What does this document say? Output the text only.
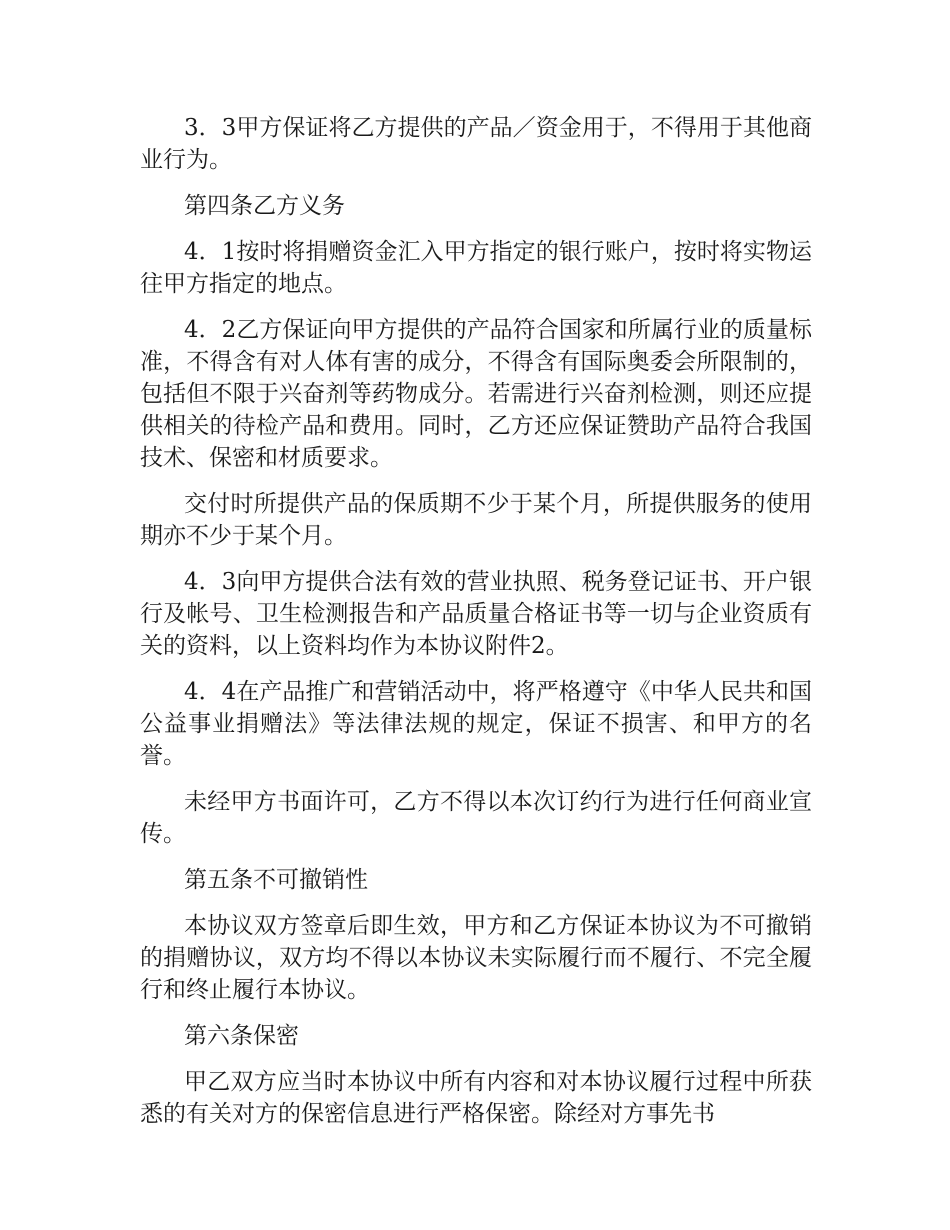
3．3甲方保证将乙方提供的产品／资金用于，不得用于其他商业行为。

第四条乙方义务

4．1按时将捐赠资金汇入甲方指定的银行账户，按时将实物运往甲方指定的地点。

4．2乙方保证向甲方提供的产品符合国家和所属行业的质量标准，不得含有对人体有害的成分，不得含有国际奥委会所限制的，包括但不限于兴奋剂等药物成分。若需进行兴奋剂检测，则还应提供相关的待检产品和费用。同时，乙方还应保证赞助产品符合我国技术、保密和材质要求。

交付时所提供产品的保质期不少于某个月，所提供服务的使用期亦不少于某个月。

4．3向甲方提供合法有效的营业执照、税务登记证书、开户银行及帐号、卫生检测报告和产品质量合格证书等一切与企业资质有关的资料，以上资料均作为本协议附件2。

4．4在产品推广和营销活动中，将严格遵守《中华人民共和国公益事业捐赠法》等法律法规的规定，保证不损害、和甲方的名誉。

未经甲方书面许可，乙方不得以本次订约行为进行任何商业宣传。

第五条不可撤销性

本协议双方签章后即生效，甲方和乙方保证本协议为不可撤销的捐赠协议，双方均不得以本协议未实际履行而不履行、不完全履行和终止履行本协议。

第六条保密

甲乙双方应当时本协议中所有内容和对本协议履行过程中所获悉的有关对方的保密信息进行严格保密。除经对方事先书
